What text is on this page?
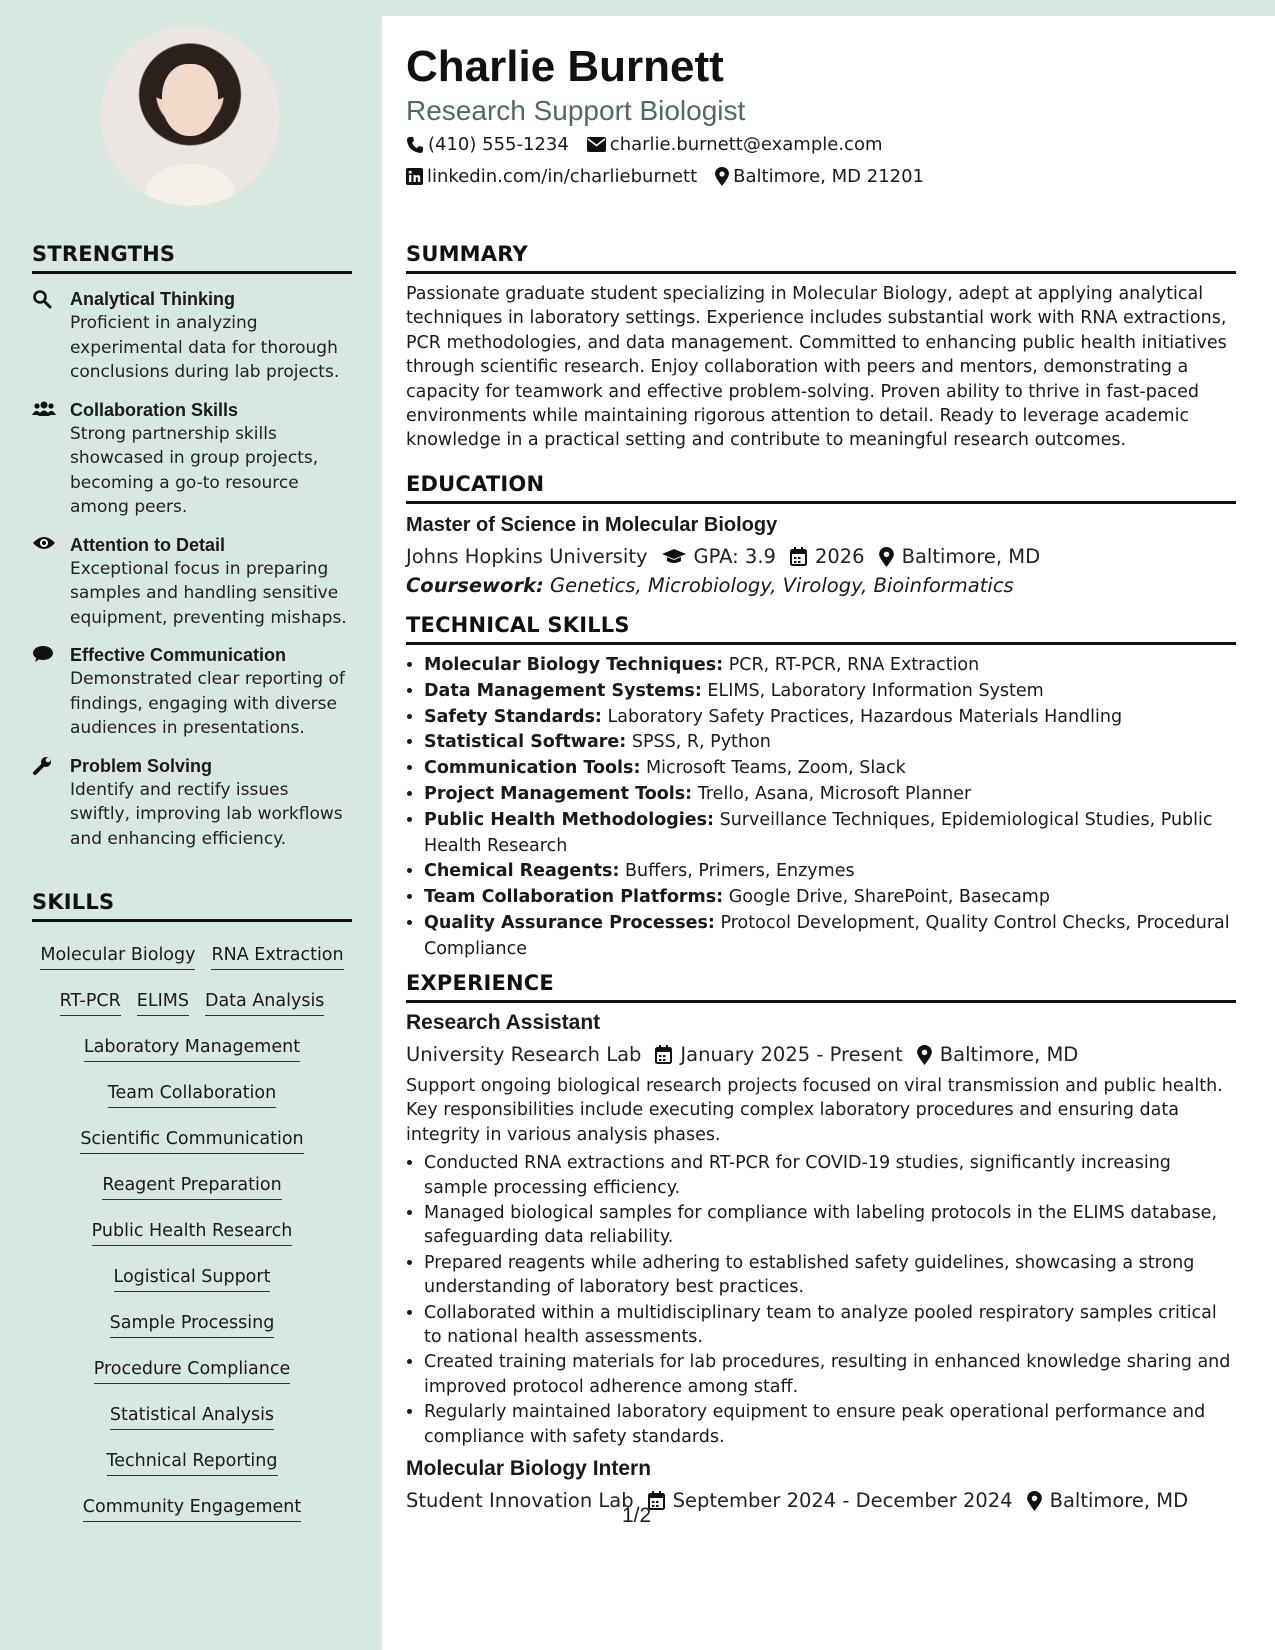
STRENGTHS
Analytical Thinking
Proficient in analyzing experimental data for thorough conclusions during lab projects.
Collaboration Skills
Strong partnership skills showcased in group projects, becoming a go-to resource among peers.
Attention to Detail
Exceptional focus in preparing samples and handling sensitive equipment, preventing mishaps.
Effective Communication
Demonstrated clear reporting of findings, engaging with diverse audiences in presentations.
Problem Solving
Identify and rectify issues swiftly, improving lab workflows and enhancing efficiency.
SKILLS
Molecular Biology RNA Extraction
RT-PCR ELIMS Data Analysis
Laboratory Management
Team Collaboration
Scientific Communication
Reagent Preparation
Public Health Research
Logistical Support
Sample Processing
Procedure Compliance
Statistical Analysis
Technical Reporting
Community Engagement
Charlie Burnett
Research Support Biologist
(410) 555-1234 charlie.burnett@example.com
linkedin.com/in/charlieburnett Baltimore, MD 21201
SUMMARY
Passionate graduate student specializing in Molecular Biology, adept at applying analytical techniques in laboratory settings. Experience includes substantial work with RNA extractions, PCR methodologies, and data management. Committed to enhancing public health initiatives through scientific research. Enjoy collaboration with peers and mentors, demonstrating a capacity for teamwork and effective problem-solving. Proven ability to thrive in fast-paced environments while maintaining rigorous attention to detail. Ready to leverage academic knowledge in a practical setting and contribute to meaningful research outcomes.
EDUCATION
Master of Science in Molecular Biology
Johns Hopkins University GPA: 3.9 2026 Baltimore, MD
Coursework: Genetics, Microbiology, Virology, Bioinformatics
TECHNICAL SKILLS
• Molecular Biology Techniques: PCR, RT-PCR, RNA Extraction
• Data Management Systems: ELIMS, Laboratory Information System
• Safety Standards: Laboratory Safety Practices, Hazardous Materials Handling
• Statistical Software: SPSS, R, Python
• Communication Tools: Microsoft Teams, Zoom, Slack
• Project Management Tools: Trello, Asana, Microsoft Planner
• Public Health Methodologies: Surveillance Techniques, Epidemiological Studies, Public Health Research
• Chemical Reagents: Buffers, Primers, Enzymes
• Team Collaboration Platforms: Google Drive, SharePoint, Basecamp
• Quality Assurance Processes: Protocol Development, Quality Control Checks, Procedural Compliance
EXPERIENCE
Research Assistant
University Research Lab January 2025 - Present Baltimore, MD
Support ongoing biological research projects focused on viral transmission and public health. Key responsibilities include executing complex laboratory procedures and ensuring data integrity in various analysis phases.
• Conducted RNA extractions and RT-PCR for COVID-19 studies, significantly increasing sample processing efficiency.
• Managed biological samples for compliance with labeling protocols in the ELIMS database, safeguarding data reliability.
• Prepared reagents while adhering to established safety guidelines, showcasing a strong understanding of laboratory best practices.
• Collaborated within a multidisciplinary team to analyze pooled respiratory samples critical to national health assessments.
• Created training materials for lab procedures, resulting in enhanced knowledge sharing and improved protocol adherence among staff.
• Regularly maintained laboratory equipment to ensure peak operational performance and compliance with safety standards.
Molecular Biology Intern
Student Innovation Lab September 2024 - December 2024 Baltimore, MD
1/2
